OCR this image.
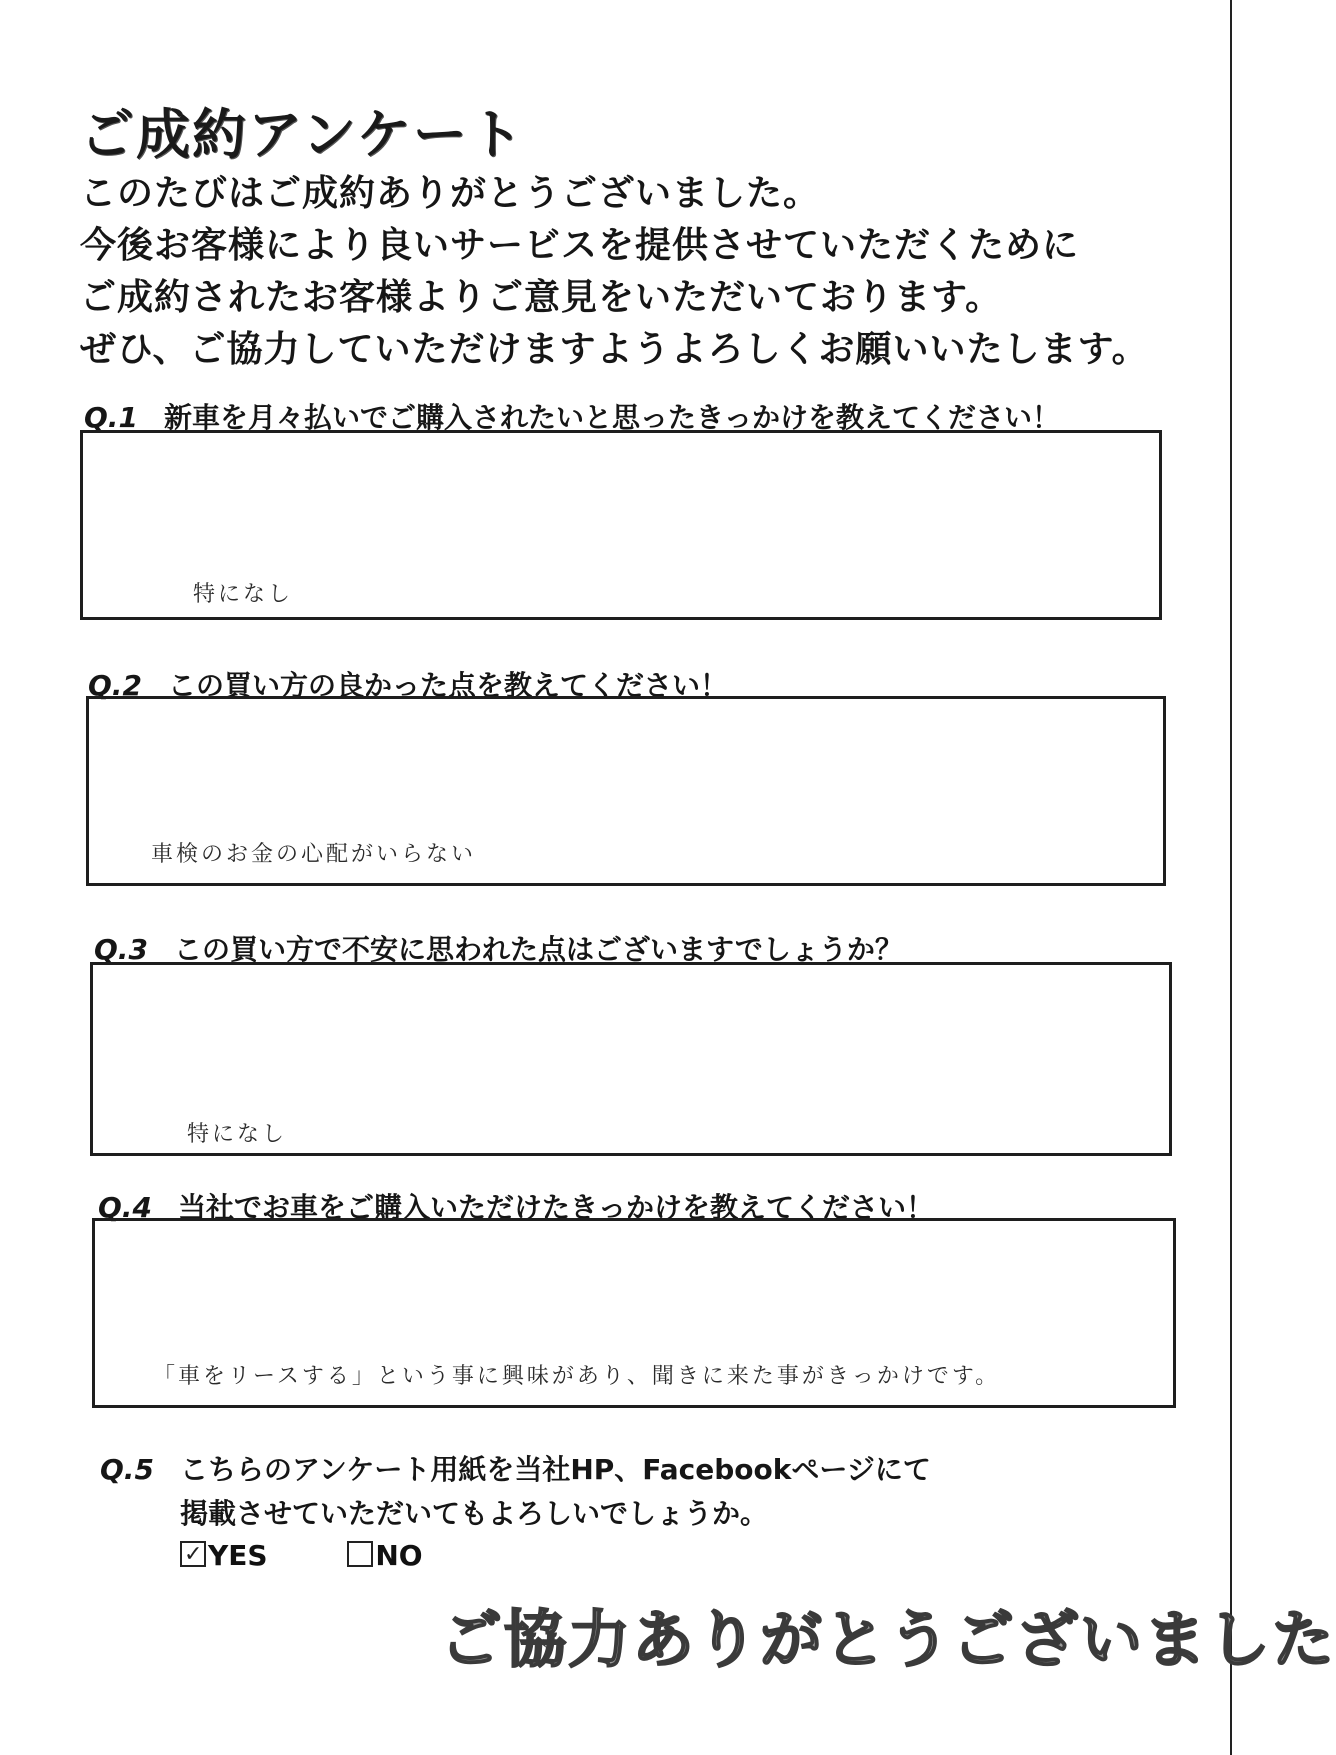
ご成約アンケート
このたびはご成約ありがとうございました。
今後お客様により良いサービスを提供させていただくために
ご成約されたお客様よりご意見をいただいております。
ぜひ、ご協力していただけますようよろしくお願いいたします。
Q.1 新車を月々払いでご購入されたいと思ったきっかけを教えてください！
特になし
Q.2 この買い方の良かった点を教えてください！
車検のお金の心配がいらない
Q.3 この買い方で不安に思われた点はございますでしょうか？
特になし
Q.4 当社でお車をご購入いただけたきっかけを教えてください！
「車をリースする」という事に興味があり、聞きに来た事がきっかけです。
Q.5 こちらのアンケート用紙を当社HP、Facebookページにて
掲載させていただいてもよろしいでしょうか。
✓ YES	NO
ご協力ありがとうございました
